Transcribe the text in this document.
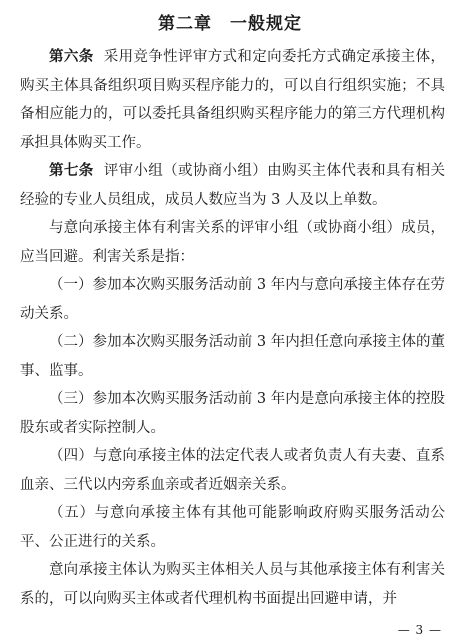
第二章　一般规定

第六条 采用竞争性评审方式和定向委托方式确定承接主体，购买主体具备组织项目购买程序能力的，可以自行组织实施；不具备相应能力的，可以委托具备组织购买程序能力的第三方代理机构承担具体购买工作。

第七条 评审小组（或协商小组）由购买主体代表和具有相关经验的专业人员组成，成员人数应当为 3 人及以上单数。

与意向承接主体有利害关系的评审小组（或协商小组）成员，应当回避。利害关系是指：

（一）参加本次购买服务活动前 3 年内与意向承接主体存在劳动关系。

（二）参加本次购买服务活动前 3 年内担任意向承接主体的董事、监事。

（三）参加本次购买服务活动前 3 年内是意向承接主体的控股股东或者实际控制人。

（四）与意向承接主体的法定代表人或者负责人有夫妻、直系血亲、三代以内旁系血亲或者近姻亲关系。

（五）与意向承接主体有其他可能影响政府购买服务活动公平、公正进行的关系。

意向承接主体认为购买主体相关人员与其他承接主体有利害关系的，可以向购买主体或者代理机构书面提出回避申请，并

— 3 —
